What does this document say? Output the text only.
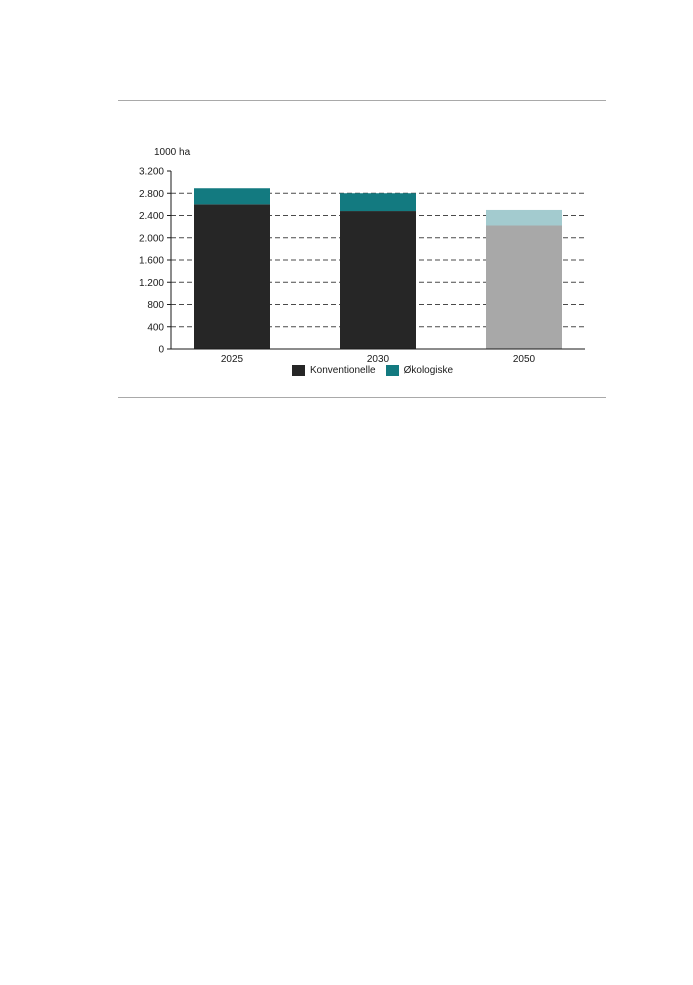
1000 ha
0
400
800
1.200
1.600
2.000
2.400
2.800
3.200
2025	2030	2050
Konventionelle	Økologiske
